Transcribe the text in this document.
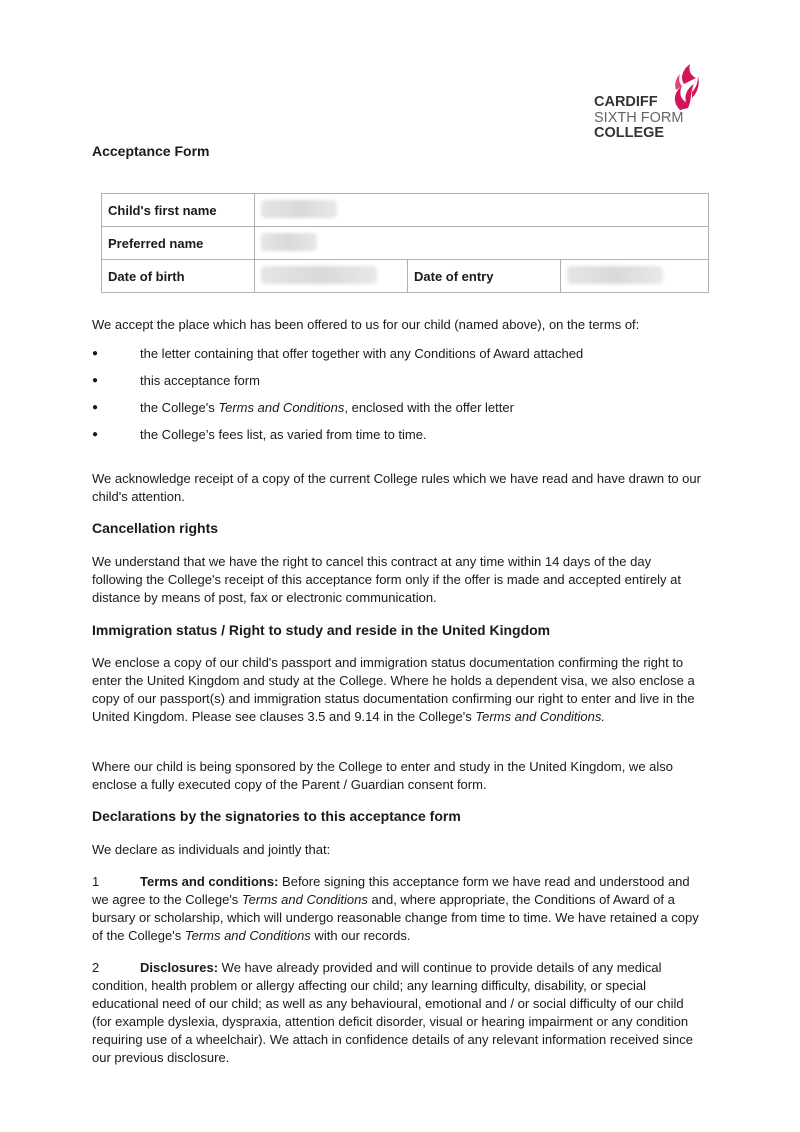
CARDIFF
SIXTH FORM
COLLEGE
Acceptance Form
Child's first name			
Preferred name			
Date of birth		Date of entry	
We accept the place which has been offered to us for our child (named above), on the terms of:
●	the letter containing that offer together with any Conditions of Award attached
●	this acceptance form
●	the College's Terms and Conditions, enclosed with the offer letter
●	the College’s fees list, as varied from time to time.
We acknowledge receipt of a copy of the current College rules which we have read and have drawn to our child's attention.
Cancellation rights
We understand that we have the right to cancel this contract at any time within 14 days of the day following the College's receipt of this acceptance form only if the offer is made and accepted entirely at distance by means of post, fax or electronic communication.
Immigration status / Right to study and reside in the United Kingdom
We enclose a copy of our child's passport and immigration status documentation confirming the right to enter the United Kingdom and study at the College. Where he holds a dependent visa, we also enclose a copy of our passport(s) and immigration status documentation confirming our right to enter and live in the United Kingdom. Please see clauses 3.5 and 9.14 in the College's Terms and Conditions.
Where our child is being sponsored by the College to enter and study in the United Kingdom, we also enclose a fully executed copy of the Parent / Guardian consent form.
Declarations by the signatories to this acceptance form
We declare as individuals and jointly that:
1	Terms and conditions: Before signing this acceptance form we have read and understood and we agree to the College's Terms and Conditions and, where appropriate, the Conditions of Award of a bursary or scholarship, which will undergo reasonable change from time to time. We have retained a copy of the College's Terms and Conditions with our records.
2	Disclosures: We have already provided and will continue to provide details of any medical condition, health problem or allergy affecting our child; any learning difficulty, disability, or special educational need of our child; as well as any behavioural, emotional and / or social difficulty of our child (for example dyslexia, dyspraxia, attention deficit disorder, visual or hearing impairment or any condition requiring use of a wheelchair). We attach in confidence details of any relevant information received since our previous disclosure.
